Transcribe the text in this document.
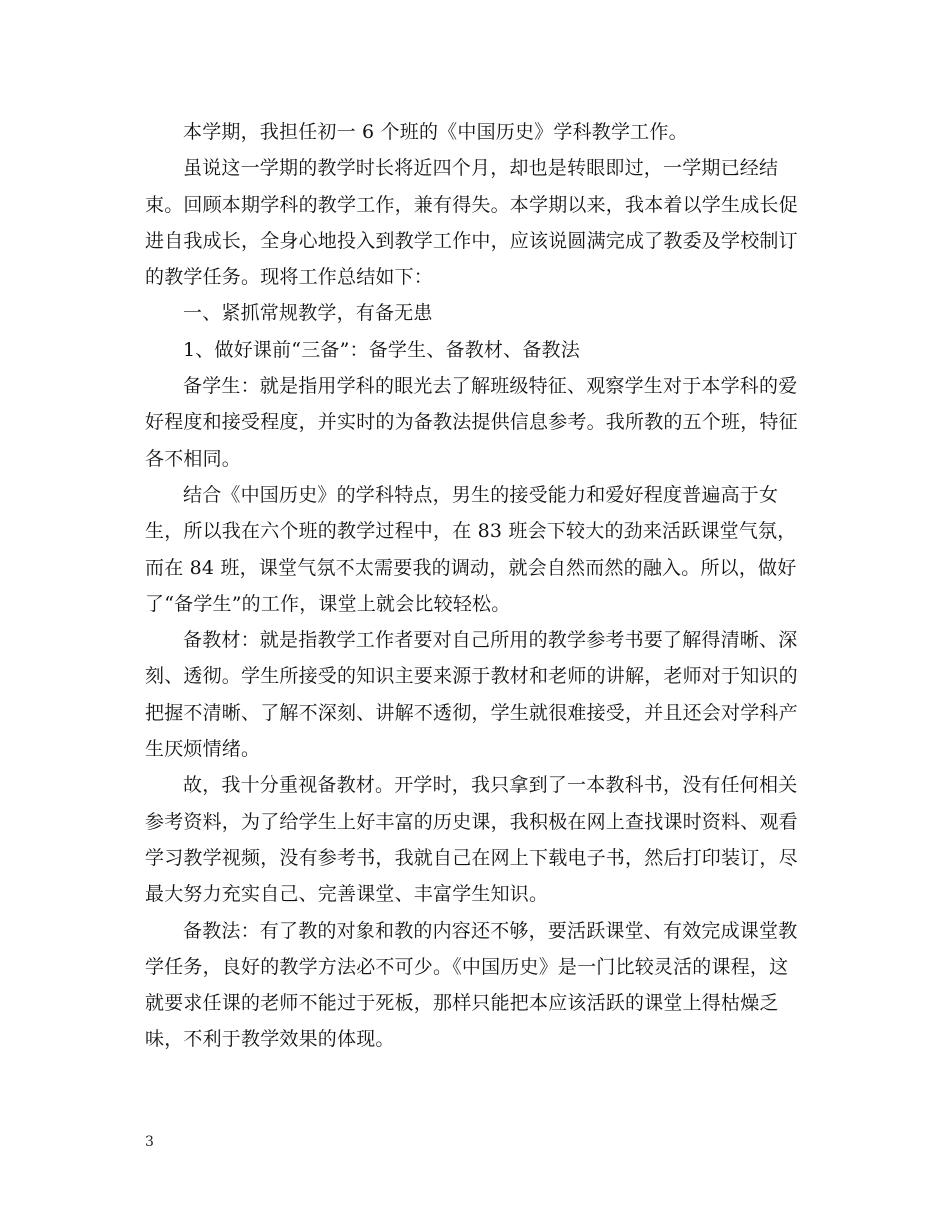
本学期，我担任初一 6 个班的《中国历史》学科教学工作。

虽说这一学期的教学时长将近四个月，却也是转眼即过，一学期已经结束。回顾本期学科的教学工作，兼有得失。本学期以来，我本着以学生成长促进自我成长，全身心地投入到教学工作中，应该说圆满完成了教委及学校制订的教学任务。现将工作总结如下：

一、紧抓常规教学，有备无患

1、做好课前“三备”：备学生、备教材、备教法

备学生：就是指用学科的眼光去了解班级特征、观察学生对于本学科的爱好程度和接受程度，并实时的为备教法提供信息参考。我所教的五个班，特征各不相同。

结合《中国历史》的学科特点，男生的接受能力和爱好程度普遍高于女生，所以我在六个班的教学过程中，在 83 班会下较大的劲来活跃课堂气氛，而在 84 班，课堂气氛不太需要我的调动，就会自然而然的融入。所以，做好了“备学生”的工作，课堂上就会比较轻松。

备教材：就是指教学工作者要对自己所用的教学参考书要了解得清晰、深刻、透彻。学生所接受的知识主要来源于教材和老师的讲解，老师对于知识的把握不清晰、了解不深刻、讲解不透彻，学生就很难接受，并且还会对学科产生厌烦情绪。

故，我十分重视备教材。开学时，我只拿到了一本教科书，没有任何相关参考资料，为了给学生上好丰富的历史课，我积极在网上查找课时资料、观看学习教学视频，没有参考书，我就自己在网上下载电子书，然后打印装订，尽最大努力充实自己、完善课堂、丰富学生知识。

备教法：有了教的对象和教的内容还不够，要活跃课堂、有效完成课堂教学任务，良好的教学方法必不可少。《中国历史》是一门比较灵活的课程，这就要求任课的老师不能过于死板，那样只能把本应该活跃的课堂上得枯燥乏味，不利于教学效果的体现。

3
